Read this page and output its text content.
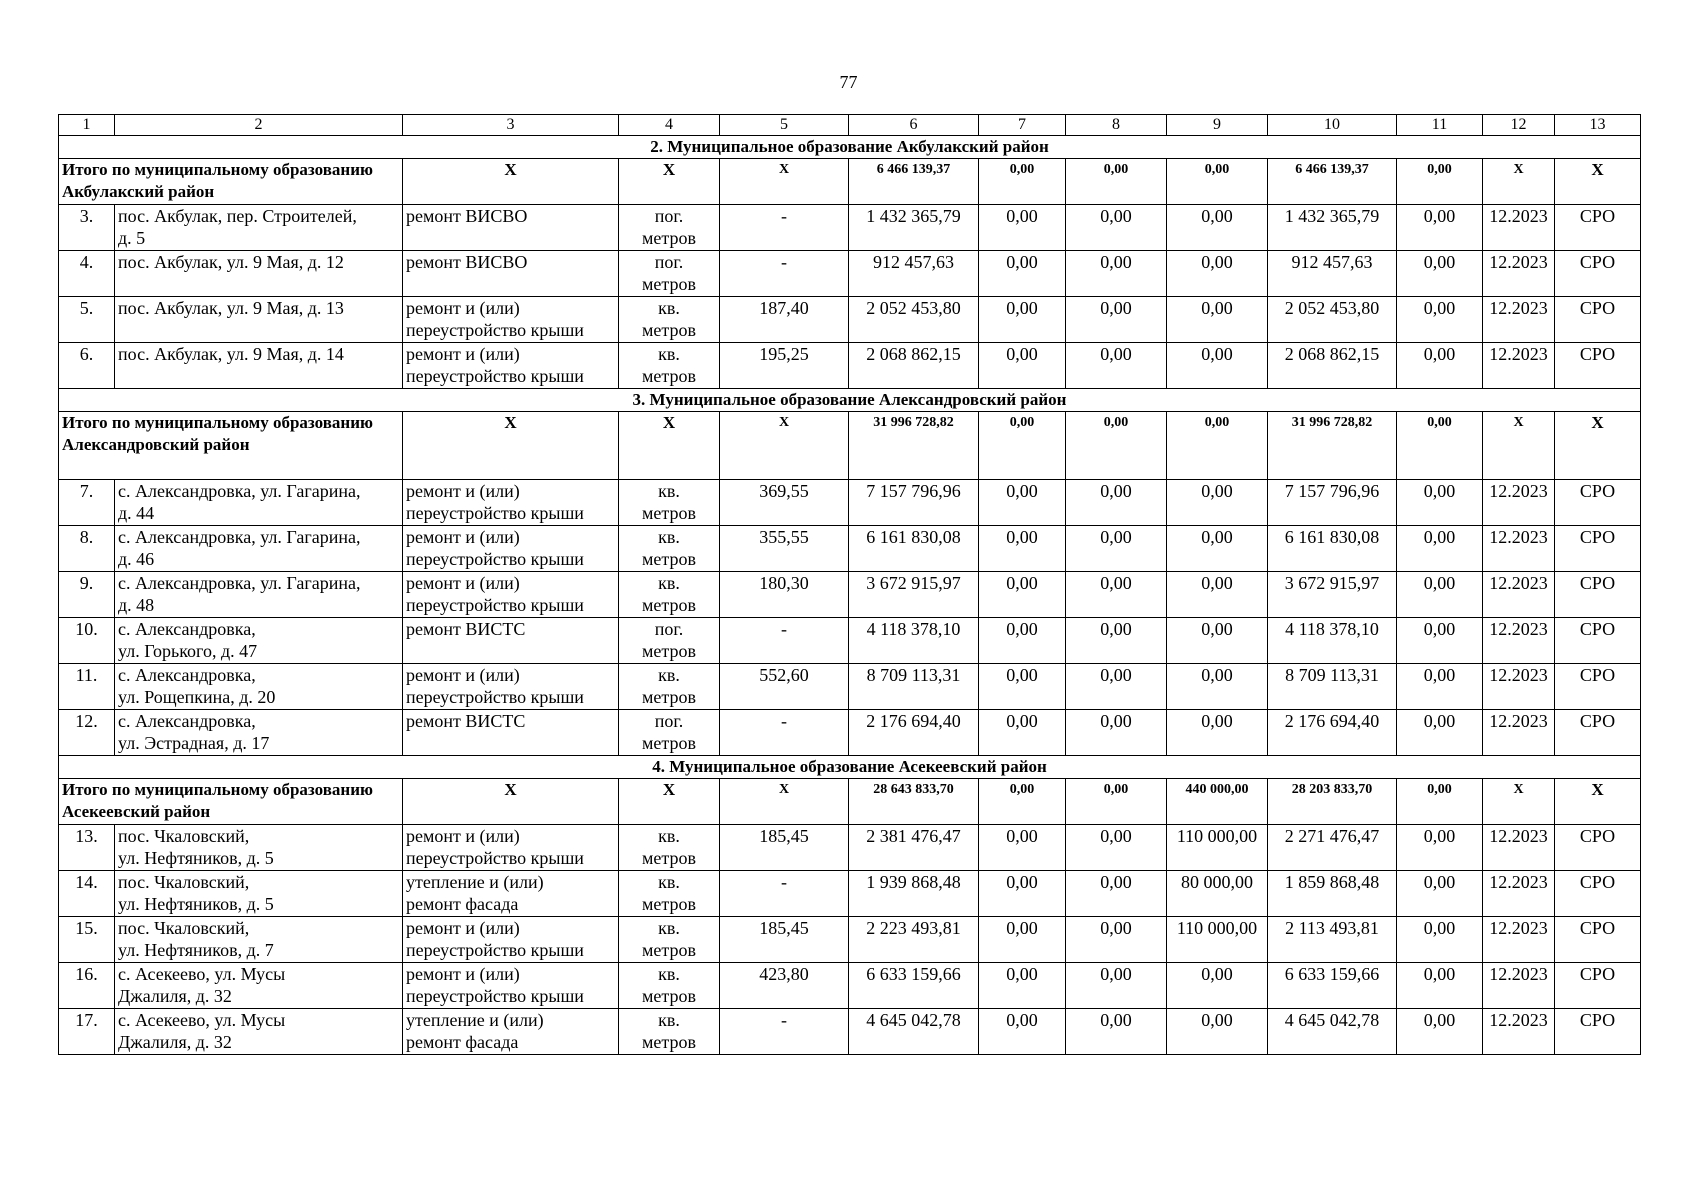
77
1	2	3	4	5	6	7	8	9	10	11	12	13
2. Муниципальное образование Акбулакский район												
Итого по муниципальному образованию Акбулакский район		X	X	X	6 466 139,37	0,00	0,00	0,00	6 466 139,37	0,00	X	X
3.	пос. Акбулак, пер. Строителей,
д. 5	ремонт ВИСВО	пог.
метров	-	1 432 365,79	0,00	0,00	0,00	1 432 365,79	0,00	12.2023	СРО
4.	пос. Акбулак, ул. 9 Мая, д. 12	ремонт ВИСВО	пог.
метров	-	912 457,63	0,00	0,00	0,00	912 457,63	0,00	12.2023	СРО
5.	пос. Акбулак, ул. 9 Мая, д. 13	ремонт и (или)
переустройство крыши	кв.
метров	187,40	2 052 453,80	0,00	0,00	0,00	2 052 453,80	0,00	12.2023	СРО
6.	пос. Акбулак, ул. 9 Мая, д. 14	ремонт и (или)
переустройство крыши	кв.
метров	195,25	2 068 862,15	0,00	0,00	0,00	2 068 862,15	0,00	12.2023	СРО
3. Муниципальное образование Александровский район												
Итого по муниципальному образованию Александровский район		X	X	X	31 996 728,82	0,00	0,00	0,00	31 996 728,82	0,00	X	X
7.	с. Александровка, ул. Гагарина,
д. 44	ремонт и (или)
переустройство крыши	кв.
метров	369,55	7 157 796,96	0,00	0,00	0,00	7 157 796,96	0,00	12.2023	СРО
8.	с. Александровка, ул. Гагарина,
д. 46	ремонт и (или)
переустройство крыши	кв.
метров	355,55	6 161 830,08	0,00	0,00	0,00	6 161 830,08	0,00	12.2023	СРО
9.	с. Александровка, ул. Гагарина,
д. 48	ремонт и (или)
переустройство крыши	кв.
метров	180,30	3 672 915,97	0,00	0,00	0,00	3 672 915,97	0,00	12.2023	СРО
10.	с. Александровка,
ул. Горького, д. 47	ремонт ВИСТС	пог.
метров	-	4 118 378,10	0,00	0,00	0,00	4 118 378,10	0,00	12.2023	СРО
11.	с. Александровка,
ул. Рощепкина, д. 20	ремонт и (или)
переустройство крыши	кв.
метров	552,60	8 709 113,31	0,00	0,00	0,00	8 709 113,31	0,00	12.2023	СРО
12.	с. Александровка,
ул. Эстрадная, д. 17	ремонт ВИСТС	пог.
метров	-	2 176 694,40	0,00	0,00	0,00	2 176 694,40	0,00	12.2023	СРО
4. Муниципальное образование Асекеевский район												
Итого по муниципальному образованию Асекеевский район		X	X	X	28 643 833,70	0,00	0,00	440 000,00	28 203 833,70	0,00	X	X
13.	пос. Чкаловский,
ул. Нефтяников, д. 5	ремонт и (или)
переустройство крыши	кв.
метров	185,45	2 381 476,47	0,00	0,00	110 000,00	2 271 476,47	0,00	12.2023	СРО
14.	пос. Чкаловский,
ул. Нефтяников, д. 5	утепление и (или)
ремонт фасада	кв.
метров	-	1 939 868,48	0,00	0,00	80 000,00	1 859 868,48	0,00	12.2023	СРО
15.	пос. Чкаловский,
ул. Нефтяников, д. 7	ремонт и (или)
переустройство крыши	кв.
метров	185,45	2 223 493,81	0,00	0,00	110 000,00	2 113 493,81	0,00	12.2023	СРО
16.	с. Асекеево, ул. Мусы
Джалиля, д. 32	ремонт и (или)
переустройство крыши	кв.
метров	423,80	6 633 159,66	0,00	0,00	0,00	6 633 159,66	0,00	12.2023	СРО
17.	с. Асекеево, ул. Мусы
Джалиля, д. 32	утепление и (или)
ремонт фасада	кв.
метров	-	4 645 042,78	0,00	0,00	0,00	4 645 042,78	0,00	12.2023	СРО
